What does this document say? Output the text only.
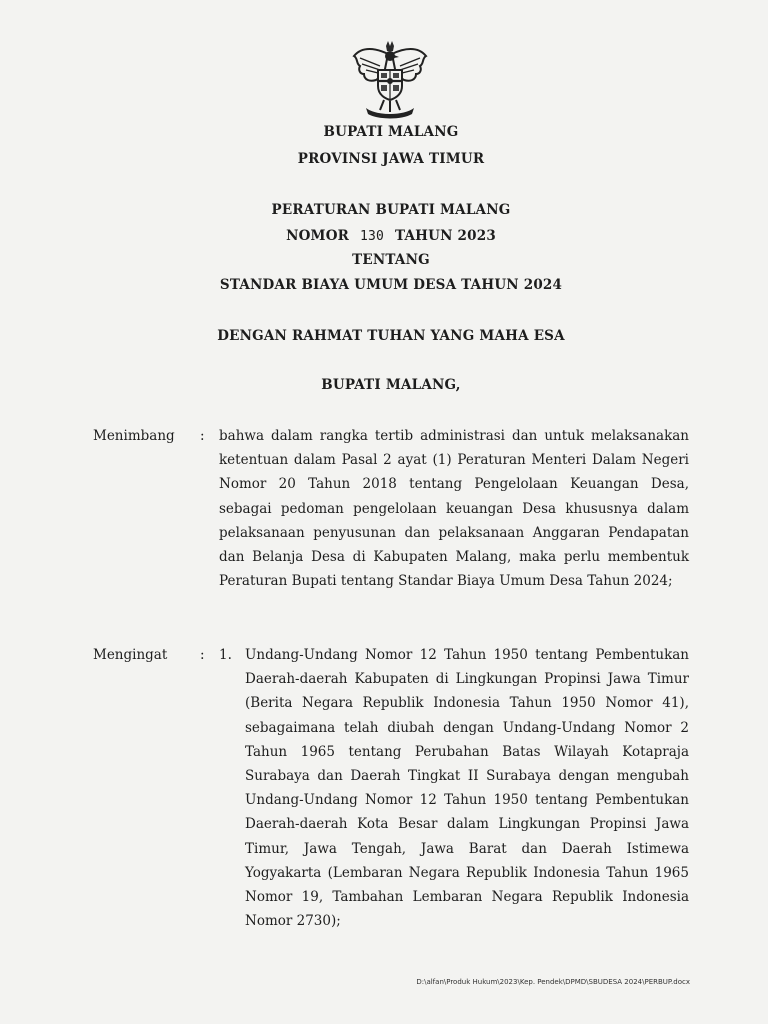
BUPATI MALANG
PROVINSI JAWA TIMUR
PERATURAN BUPATI MALANG
NOMOR 130 TAHUN 2023
TENTANG
STANDAR BIAYA UMUM DESA TAHUN 2024
DENGAN RAHMAT TUHAN YANG MAHA ESA
BUPATI MALANG,
Menimbang : bahwa dalam rangka tertib administrasi dan untuk melaksanakan ketentuan dalam Pasal 2 ayat (1) Peraturan Menteri Dalam Negeri Nomor 20 Tahun 2018 tentang Pengelolaan Keuangan Desa, sebagai pedoman pengelolaan keuangan Desa khususnya dalam pelaksanaan penyusunan dan pelaksanaan Anggaran Pendapatan dan Belanja Desa di Kabupaten Malang, maka perlu membentuk Peraturan Bupati tentang Standar Biaya Umum Desa Tahun 2024;

Mengingat : 1. Undang-Undang Nomor 12 Tahun 1950 tentang Pembentukan Daerah-daerah Kabupaten di Lingkungan Propinsi Jawa Timur (Berita Negara Republik Indonesia Tahun 1950 Nomor 41), sebagaimana telah diubah dengan Undang-Undang Nomor 2 Tahun 1965 tentang Perubahan Batas Wilayah Kotapraja Surabaya dan Daerah Tingkat II Surabaya dengan mengubah Undang-Undang Nomor 12 Tahun 1950 tentang Pembentukan Daerah-daerah Kota Besar dalam Lingkungan Propinsi Jawa Timur, Jawa Tengah, Jawa Barat dan Daerah Istimewa Yogyakarta (Lembaran Negara Republik Indonesia Tahun 1965 Nomor 19, Tambahan Lembaran Negara Republik Indonesia Nomor 2730);

D:\alfan\Produk Hukum\2023\Kep. Pendek\DPMD\SBUDESA 2024\PERBUP.docx
